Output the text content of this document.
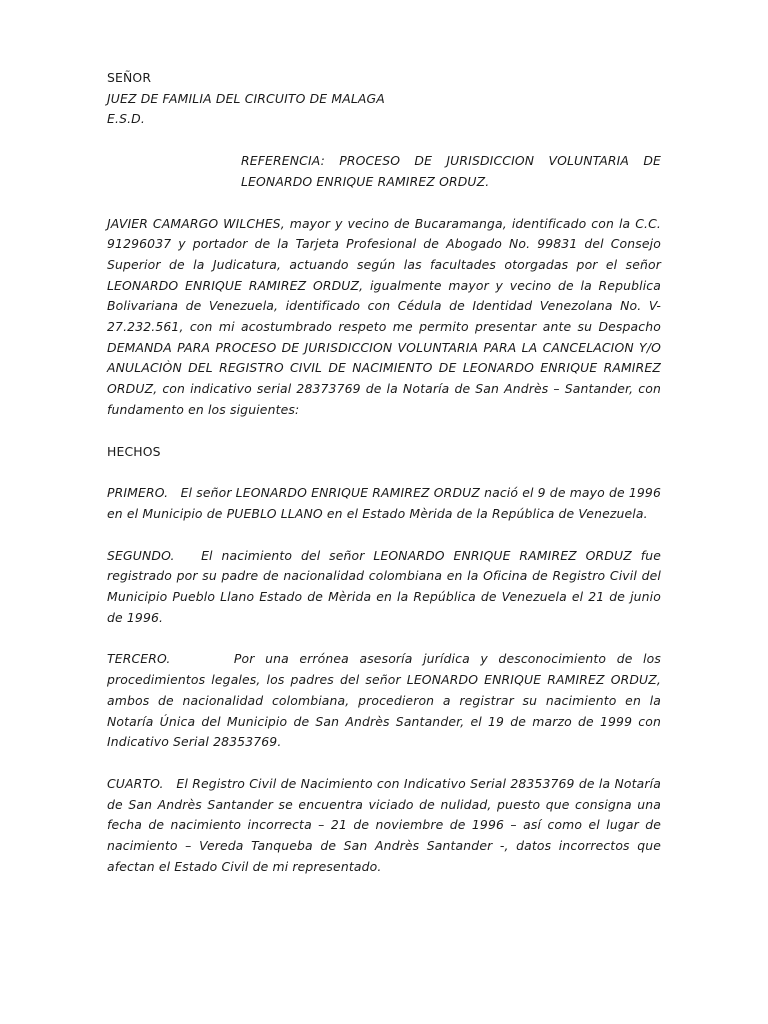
SEÑOR
JUEZ DE FAMILIA DEL CIRCUITO DE MALAGA
E.S.D.

REFERENCIA: PROCESO DE JURISDICCION VOLUNTARIA DE LEONARDO ENRIQUE RAMIREZ ORDUZ.

JAVIER CAMARGO WILCHES, mayor y vecino de Bucaramanga, identificado con la C.C. 91296037 y portador de la Tarjeta Profesional de Abogado No. 99831 del Consejo Superior de la Judicatura, actuando según las facultades otorgadas por el señor LEONARDO ENRIQUE RAMIREZ ORDUZ, igualmente mayor y vecino de la Republica Bolivariana de Venezuela, identificado con Cédula de Identidad Venezolana No. V-27.232.561, con mi acostumbrado respeto me permito presentar ante su Despacho DEMANDA PARA PROCESO DE JURISDICCION VOLUNTARIA PARA LA CANCELACION Y/O ANULACIÒN DEL REGISTRO CIVIL DE NACIMIENTO DE LEONARDO ENRIQUE RAMIREZ ORDUZ, con indicativo serial 28373769 de la Notaría de San Andrès – Santander, con fundamento en los siguientes:

HECHOS

PRIMERO. El señor LEONARDO ENRIQUE RAMIREZ ORDUZ nació el 9 de mayo de 1996 en el Municipio de PUEBLO LLANO en el Estado Mèrida de la República de Venezuela.

SEGUNDO. El nacimiento del señor LEONARDO ENRIQUE RAMIREZ ORDUZ fue registrado por su padre de nacionalidad colombiana en la Oficina de Registro Civil del Municipio Pueblo Llano Estado de Mèrida en la República de Venezuela el 21 de junio de 1996.

TERCERO.	Por una errónea asesoría jurídica y desconocimiento de los procedimientos legales, los padres del señor LEONARDO ENRIQUE RAMIREZ ORDUZ, ambos de nacionalidad colombiana, procedieron a registrar su nacimiento en la Notaría Única del Municipio de San Andrès Santander, el 19 de marzo de 1999 con Indicativo Serial 28353769.

CUARTO. El Registro Civil de Nacimiento con Indicativo Serial 28353769 de la Notaría de San Andrès Santander se encuentra viciado de nulidad, puesto que consigna una fecha de nacimiento incorrecta – 21 de noviembre de 1996 – así como el lugar de nacimiento – Vereda Tanqueba de San Andrès Santander -, datos incorrectos que afectan el Estado Civil de mi representado.
